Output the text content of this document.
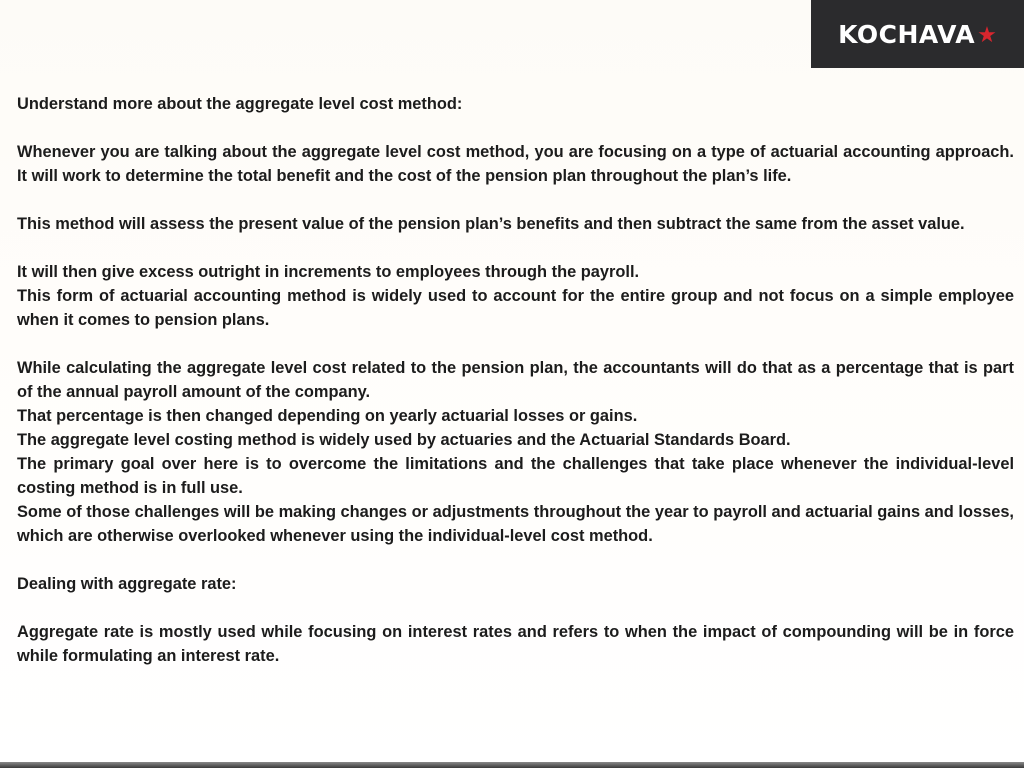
KOCHAVA ★

Understand more about the aggregate level cost method:

Whenever you are talking about the aggregate level cost method, you are focusing on a type of actuarial accounting approach. It will work to determine the total benefit and the cost of the pension plan throughout the plan’s life.

This method will assess the present value of the pension plan’s benefits and then subtract the same from the asset value.

It will then give excess outright in increments to employees through the payroll.

This form of actuarial accounting method is widely used to account for the entire group and not focus on a simple employee when it comes to pension plans.

While calculating the aggregate level cost related to the pension plan, the accountants will do that as a percentage that is part of the annual payroll amount of the company.

That percentage is then changed depending on yearly actuarial losses or gains.

The aggregate level costing method is widely used by actuaries and the Actuarial Standards Board.

The primary goal over here is to overcome the limitations and the challenges that take place whenever the individual-level costing method is in full use.

Some of those challenges will be making changes or adjustments throughout the year to payroll and actuarial gains and losses, which are otherwise overlooked whenever using the individual-level cost method.

Dealing with aggregate rate:

Aggregate rate is mostly used while focusing on interest rates and refers to when the impact of compounding will be in force while formulating an interest rate.
